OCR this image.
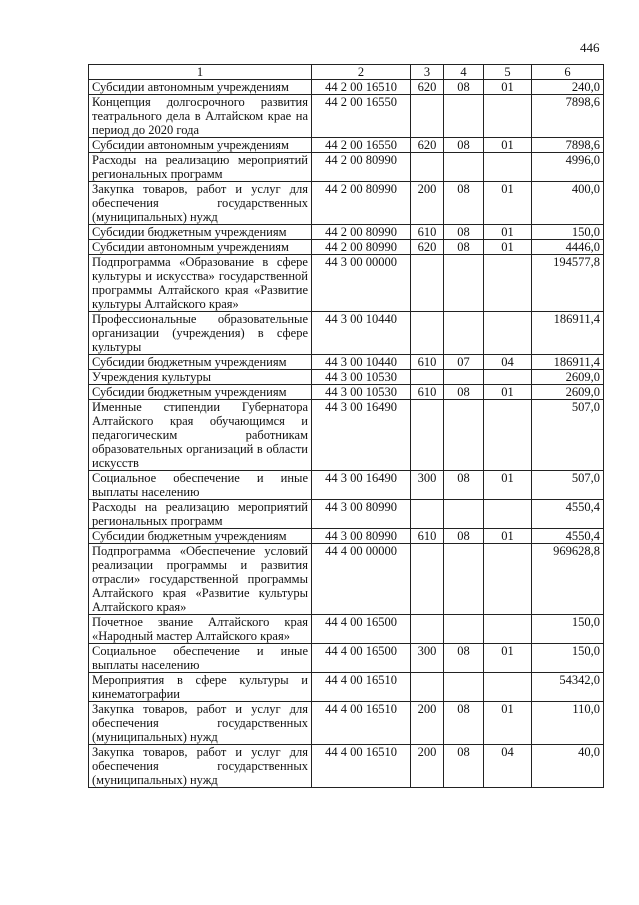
446
1	2	3	4	5	6
Субсидии автономным учреждениям	44 2 00 16510	620	08	01	240,0
Концепция долгосрочного развития театрального дела в Алтайском крае на период до 2020 года	44 2 00 16550				7898,6
Субсидии автономным учреждениям	44 2 00 16550	620	08	01	7898,6
Расходы на реализацию мероприятий региональных программ	44 2 00 80990				4996,0
Закупка товаров, работ и услуг для обеспечения государственных (муниципальных) нужд	44 2 00 80990	200	08	01	400,0
Субсидии бюджетным учреждениям	44 2 00 80990	610	08	01	150,0
Субсидии автономным учреждениям	44 2 00 80990	620	08	01	4446,0
Подпрограмма «Образование в сфере культуры и искусства» государственной программы Алтайского края «Развитие культуры Алтайского края»	44 3 00 00000				194577,8
Профессиональные образовательные организации (учреждения) в сфере культуры	44 3 00 10440				186911,4
Субсидии бюджетным учреждениям	44 3 00 10440	610	07	04	186911,4
Учреждения культуры	44 3 00 10530				2609,0
Субсидии бюджетным учреждениям	44 3 00 10530	610	08	01	2609,0
Именные стипендии Губернатора Алтайского края обучающимся и педагогическим работникам образовательных организаций в области искусств	44 3 00 16490				507,0
Социальное обеспечение и иные выплаты населению	44 3 00 16490	300	08	01	507,0
Расходы на реализацию мероприятий региональных программ	44 3 00 80990				4550,4
Субсидии бюджетным учреждениям	44 3 00 80990	610	08	01	4550,4
Подпрограмма «Обеспечение условий реализации программы и развития отрасли» государственной программы Алтайского края «Развитие культуры Алтайского края»	44 4 00 00000				969628,8
Почетное звание Алтайского края «Народный мастер Алтайского края»	44 4 00 16500				150,0
Социальное обеспечение и иные выплаты населению	44 4 00 16500	300	08	01	150,0
Мероприятия в сфере культуры и кинематографии	44 4 00 16510				54342,0
Закупка товаров, работ и услуг для обеспечения государственных (муниципальных) нужд	44 4 00 16510	200	08	01	110,0
Закупка товаров, работ и услуг для обеспечения государственных (муниципальных) нужд	44 4 00 16510	200	08	04	40,0
